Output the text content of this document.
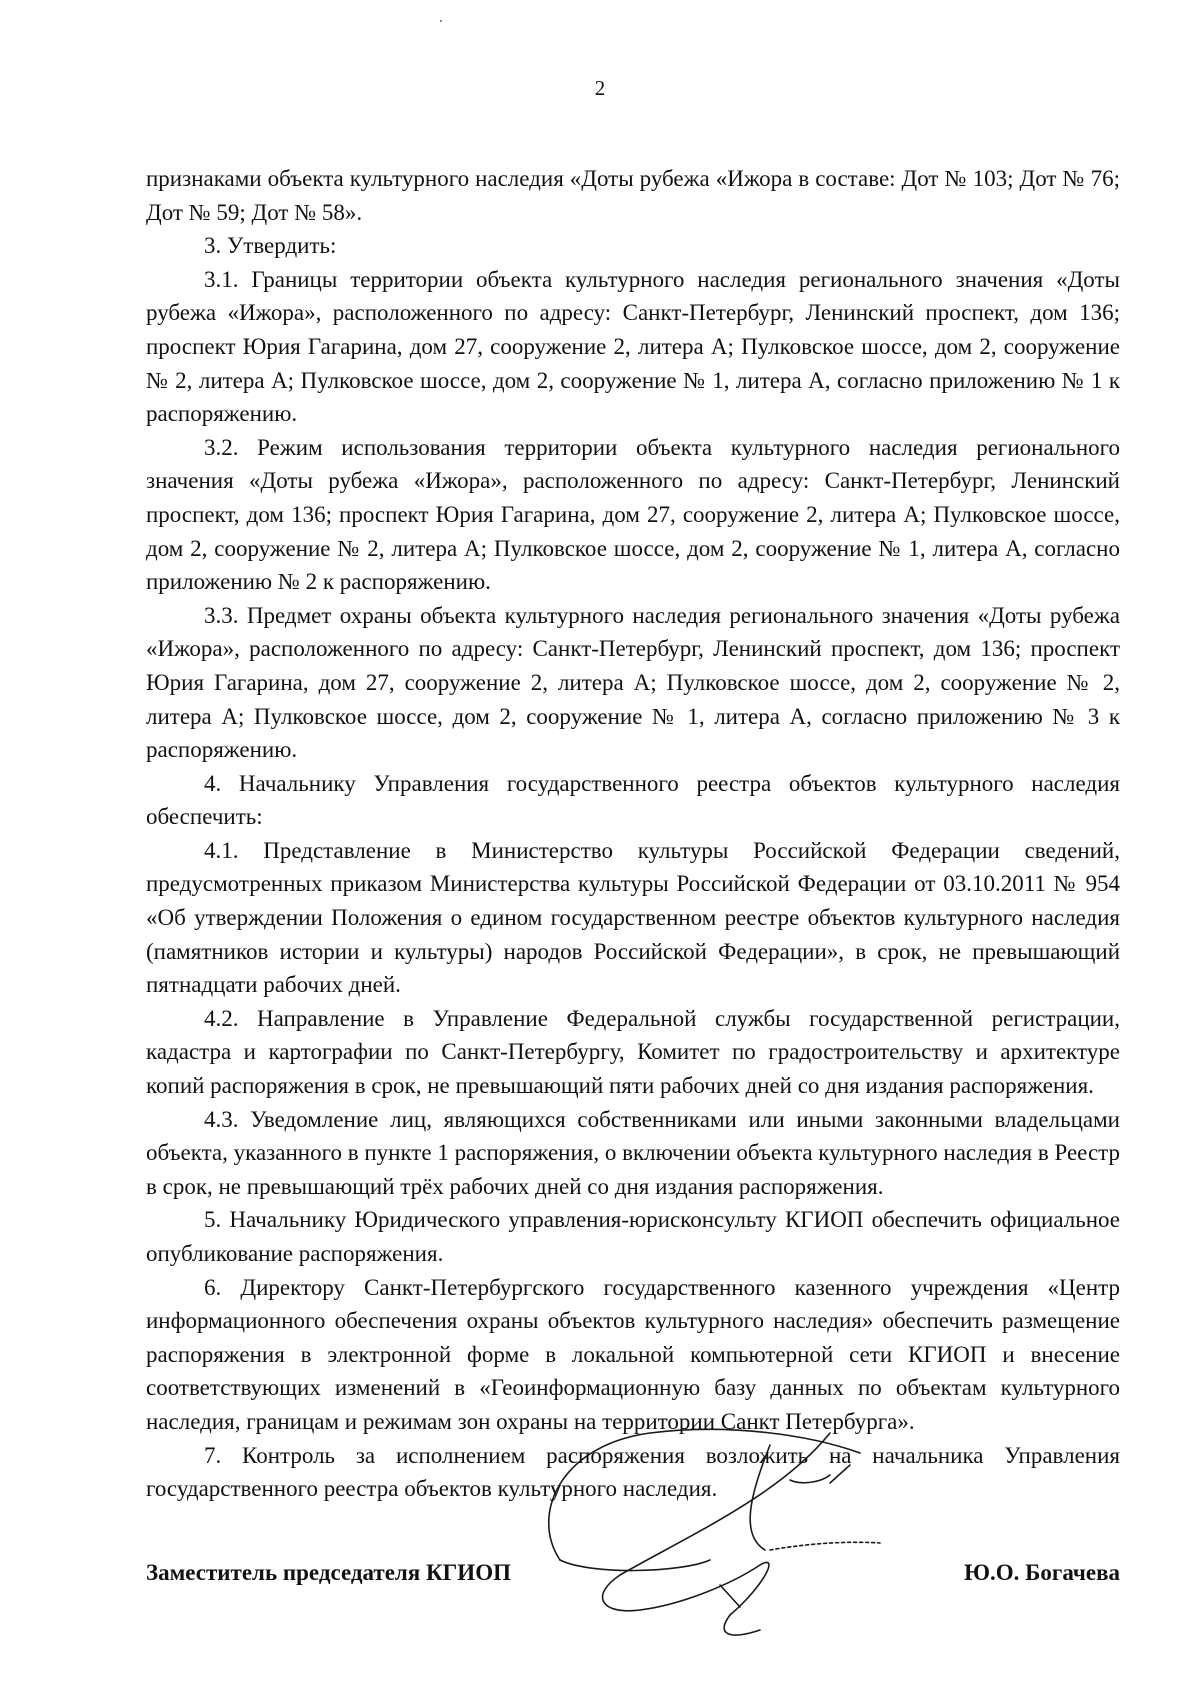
2

признаками объекта культурного наследия «Доты рубежа «Ижора в составе: Дот № 103; Дот № 76; Дот № 59; Дот № 58».

3. Утвердить:

3.1. Границы территории объекта культурного наследия регионального значения «Доты рубежа «Ижора», расположенного по адресу: Санкт-Петербург, Ленинский проспект, дом 136; проспект Юрия Гагарина, дом 27, сооружение 2, литера А; Пулковское шоссе, дом 2, сооружение № 2, литера А; Пулковское шоссе, дом 2, сооружение № 1, литера А, согласно приложению № 1 к распоряжению.

3.2. Режим использования территории объекта культурного наследия регионального значения «Доты рубежа «Ижора», расположенного по адресу: Санкт-Петербург, Ленинский проспект, дом 136; проспект Юрия Гагарина, дом 27, сооружение 2, литера А; Пулковское шоссе, дом 2, сооружение № 2, литера А; Пулковское шоссе, дом 2, сооружение № 1, литера А, согласно приложению № 2 к распоряжению.

3.3. Предмет охраны объекта культурного наследия регионального значения «Доты рубежа «Ижора», расположенного по адресу: Санкт-Петербург, Ленинский проспект, дом 136; проспект Юрия Гагарина, дом 27, сооружение 2, литера А; Пулковское шоссе, дом 2, сооружение № 2, литера А; Пулковское шоссе, дом 2, сооружение № 1, литера А, согласно приложению № 3 к распоряжению.

4. Начальнику Управления государственного реестра объектов культурного наследия обеспечить:

4.1. Представление в Министерство культуры Российской Федерации сведений, предусмотренных приказом Министерства культуры Российской Федерации от 03.10.2011 № 954 «Об утверждении Положения о едином государственном реестре объектов культурного наследия (памятников истории и культуры) народов Российской Федерации», в срок, не превышающий пятнадцати рабочих дней.

4.2. Направление в Управление Федеральной службы государственной регистрации, кадастра и картографии по Санкт-Петербургу, Комитет по градостроительству и архитектуре копий распоряжения в срок, не превышающий пяти рабочих дней со дня издания распоряжения.

4.3. Уведомление лиц, являющихся собственниками или иными законными владельцами объекта, указанного в пункте 1 распоряжения, о включении объекта культурного наследия в Реестр в срок, не превышающий трёх рабочих дней со дня издания распоряжения.

5. Начальнику Юридического управления-юрисконсульту КГИОП обеспечить официальное опубликование распоряжения.

6. Директору Санкт-Петербургского государственного казенного учреждения «Центр информационного обеспечения охраны объектов культурного наследия» обеспечить размещение распоряжения в электронной форме в локальной компьютерной сети КГИОП и внесение соответствующих изменений в «Геоинформационную базу данных по объектам культурного наследия, границам и режимам зон охраны на территории Санкт Петербурга».

7. Контроль за исполнением распоряжения возложить на начальника Управления государственного реестра объектов культурного наследия.

Заместитель председателя КГИОП	Ю.О. Богачева
